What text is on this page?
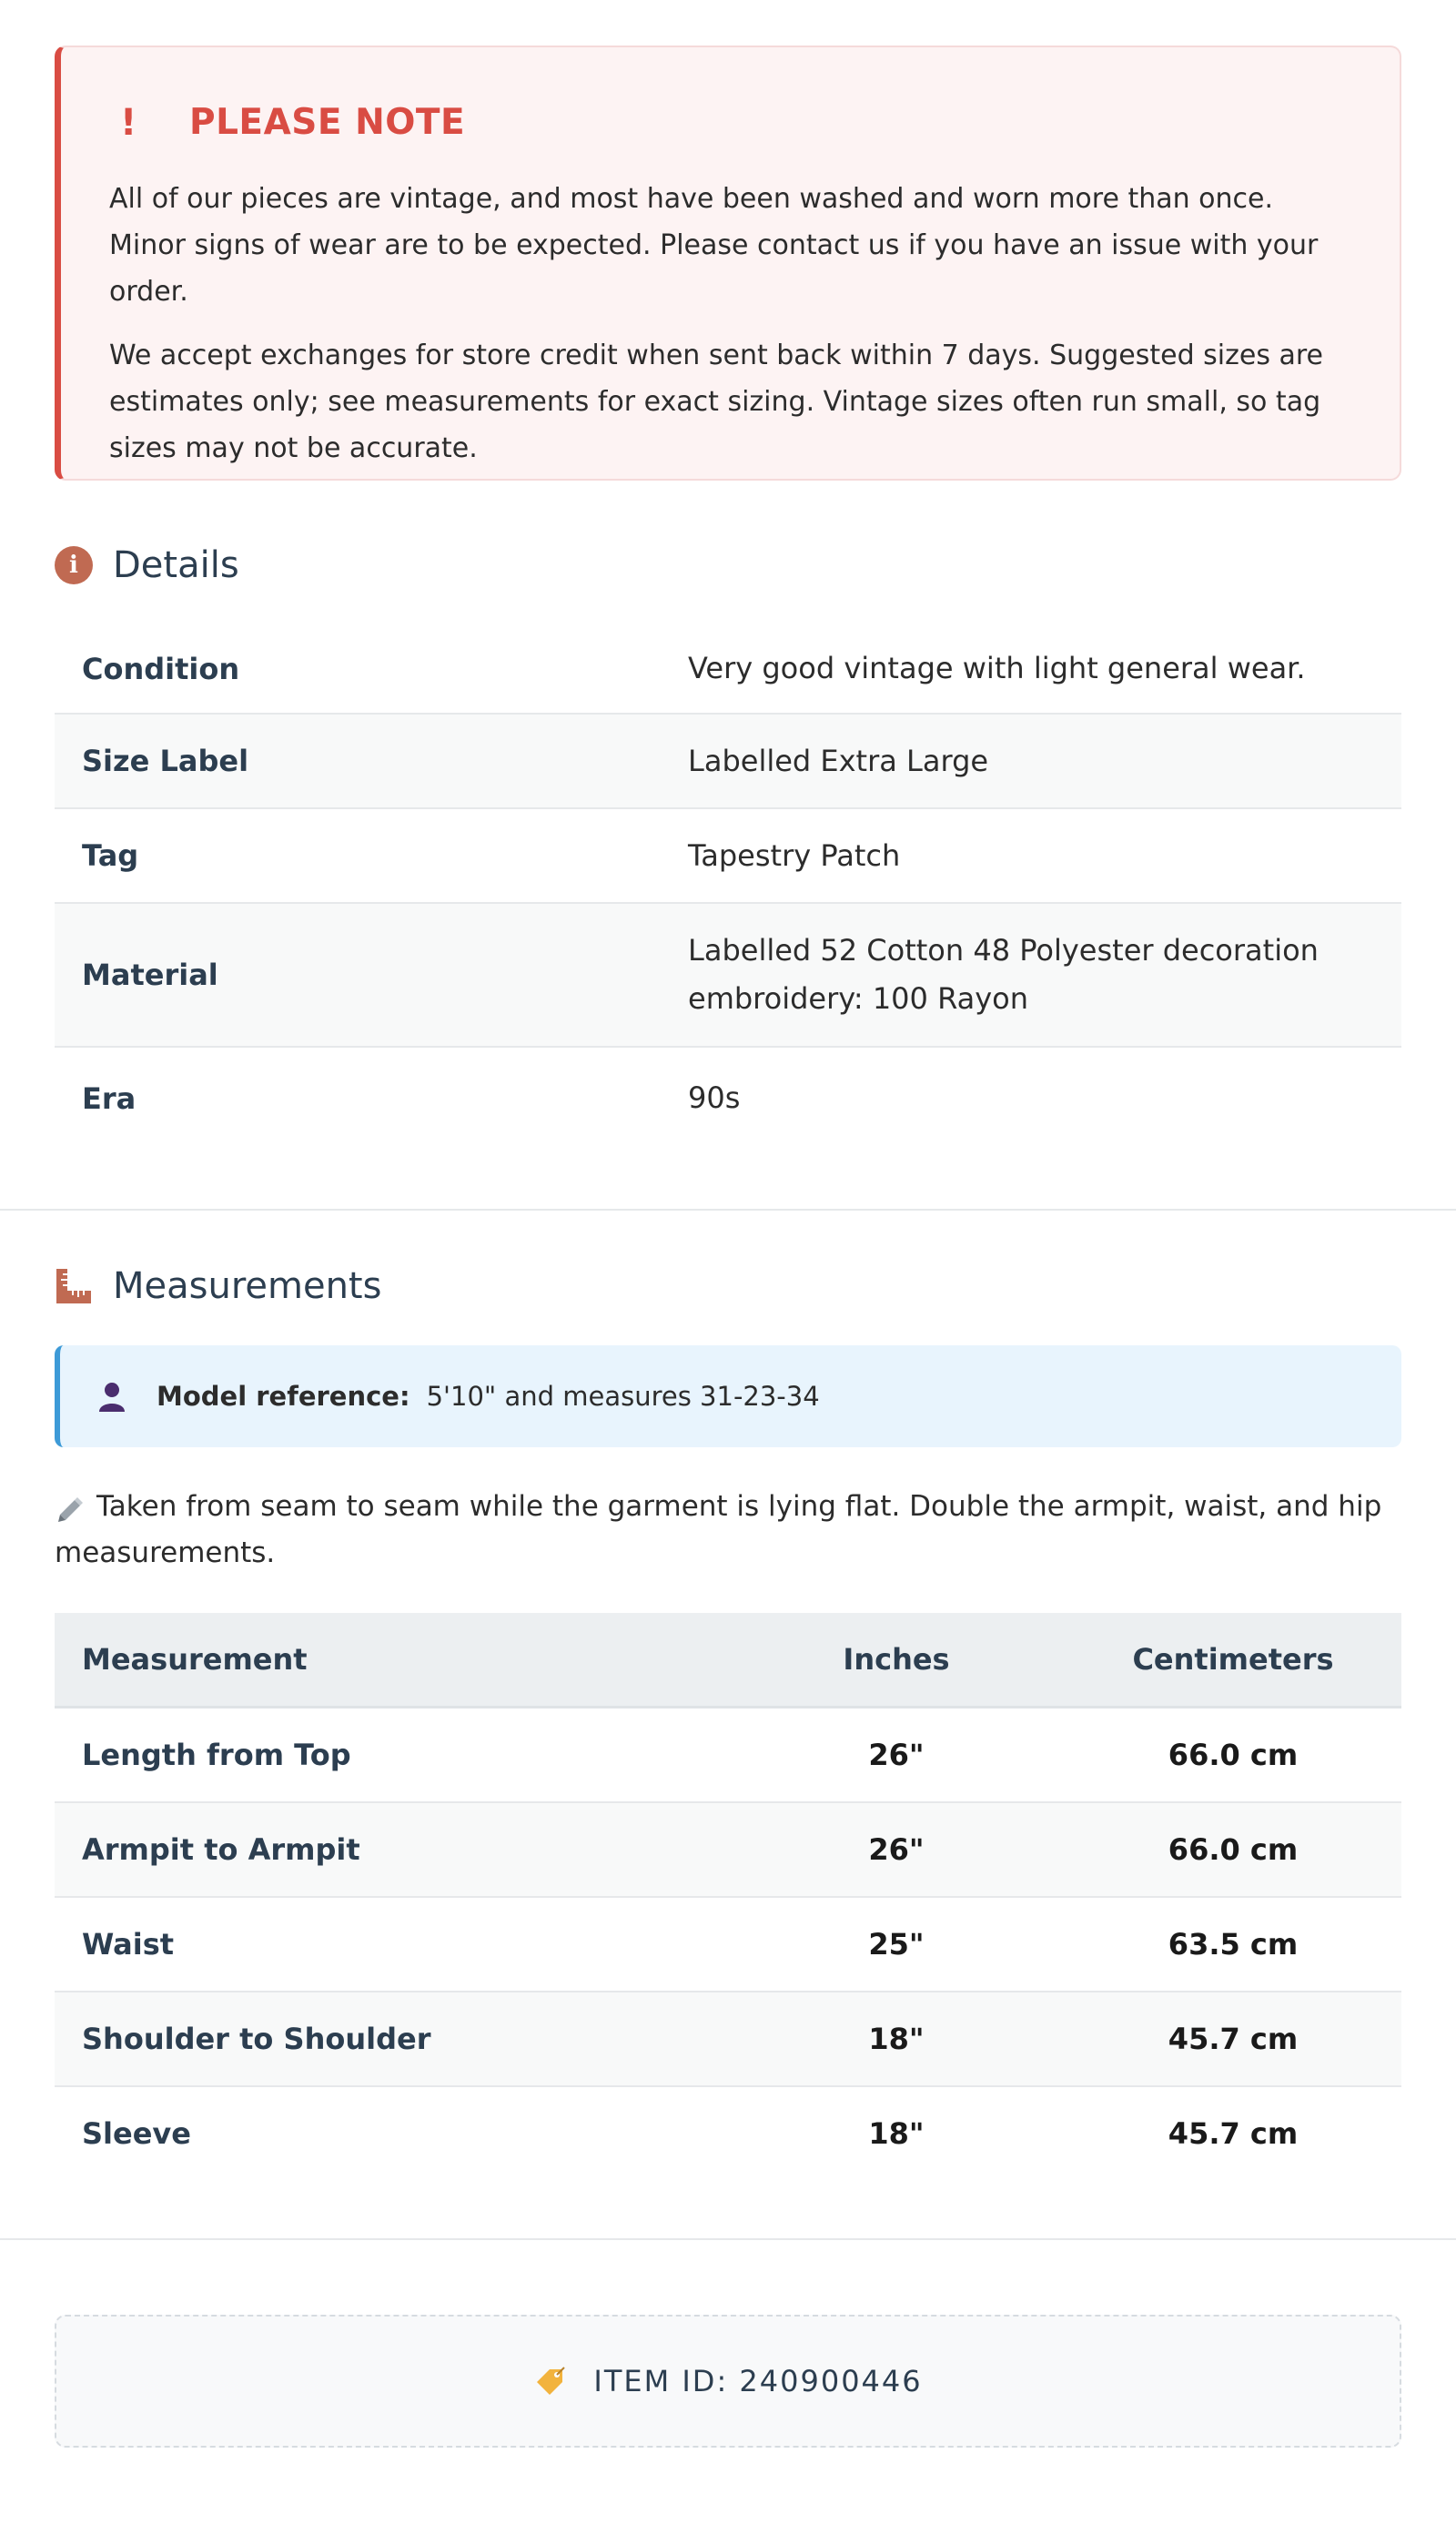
!	PLEASE NOTE

All of our pieces are vintage, and most have been washed and worn more than once. Minor signs of wear are to be expected. Please contact us if you have an issue with your order.

We accept exchanges for store credit when sent back within 7 days. Suggested sizes are estimates only; see measurements for exact sizing. Vintage sizes often run small, so tag sizes may not be accurate.

i Details
Condition	Very good vintage with light general wear.
Size Label	Labelled Extra Large
Tag	Tapestry Patch
Material	Labelled 52 Cotton 48 Polyester decoration embroidery: 100 Rayon
Era	90s
Measurements
Model reference: 5'10" and measures 31-23-34
Taken from seam to seam while the garment is lying flat. Double the armpit, waist, and hip measurements.
Measurement	Inches	Centimeters
Length from Top	26"	66.0 cm
Armpit to Armpit	26"	66.0 cm
Waist	25"	63.5 cm
Shoulder to Shoulder	18"	45.7 cm
Sleeve	18"	45.7 cm
ITEM ID: 240900446
